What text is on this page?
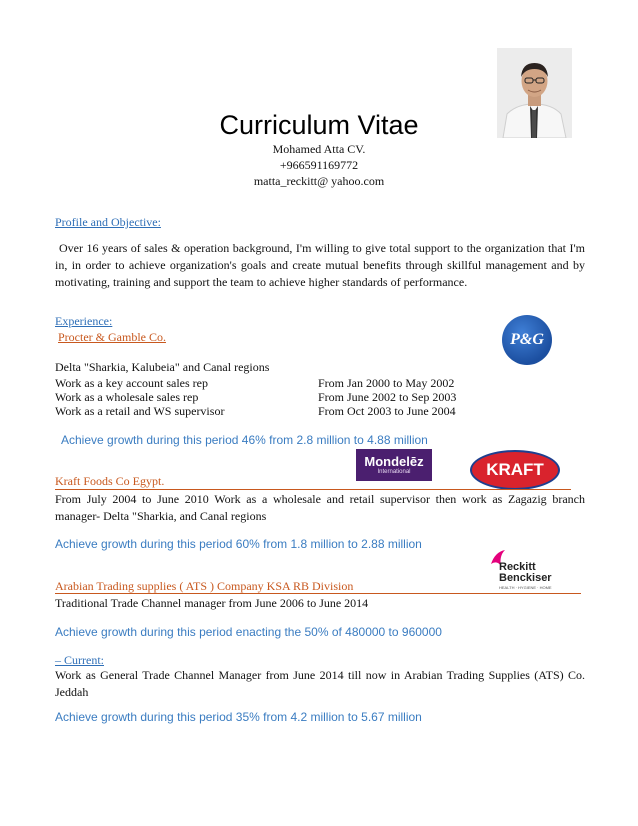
Curriculum Vitae
Mohamed Atta CV.
+966591169772
matta_reckitt@ yahoo.com
Profile and Objective:
Over 16 years of sales & operation background, I'm willing to give total support to the organization that I'm in, in order to achieve organization's goals and create mutual benefits through skillful management and by motivating, training and support the team to achieve higher standards of performance.
Experience:
Procter & Gamble Co.	P&G
Delta "Sharkia, Kalubeia" and Canal regions
Work as a key account sales rep	From Jan 2000 to May 2002
Work as a wholesale sales rep	From June 2002 to Sep 2003
Work as a retail and WS supervisor	From Oct 2003 to June 2004
Achieve growth during this period 46% from 2.8 million to 4.88 million
Mondelēz
International	KRAFT
Kraft Foods Co Egypt.
From July 2004 to June 2010 Work as a wholesale and retail supervisor then work as Zagazig branch manager- Delta "Sharkia, and Canal regions
Achieve growth during this period 60% from 1.8 million to 2.88 million
Reckitt
Benckiser
HEALTH · HYGIENE · HOME
Arabian Trading supplies ( ATS ) Company KSA RB Division
Traditional Trade Channel manager from June 2006 to June 2014
Achieve growth during this period enacting the 50% of 480000 to 960000
– Current:
Work as General Trade Channel Manager from June 2014 till now in Arabian Trading Supplies (ATS) Co. Jeddah
Achieve growth during this period 35% from 4.2 million to 5.67 million
